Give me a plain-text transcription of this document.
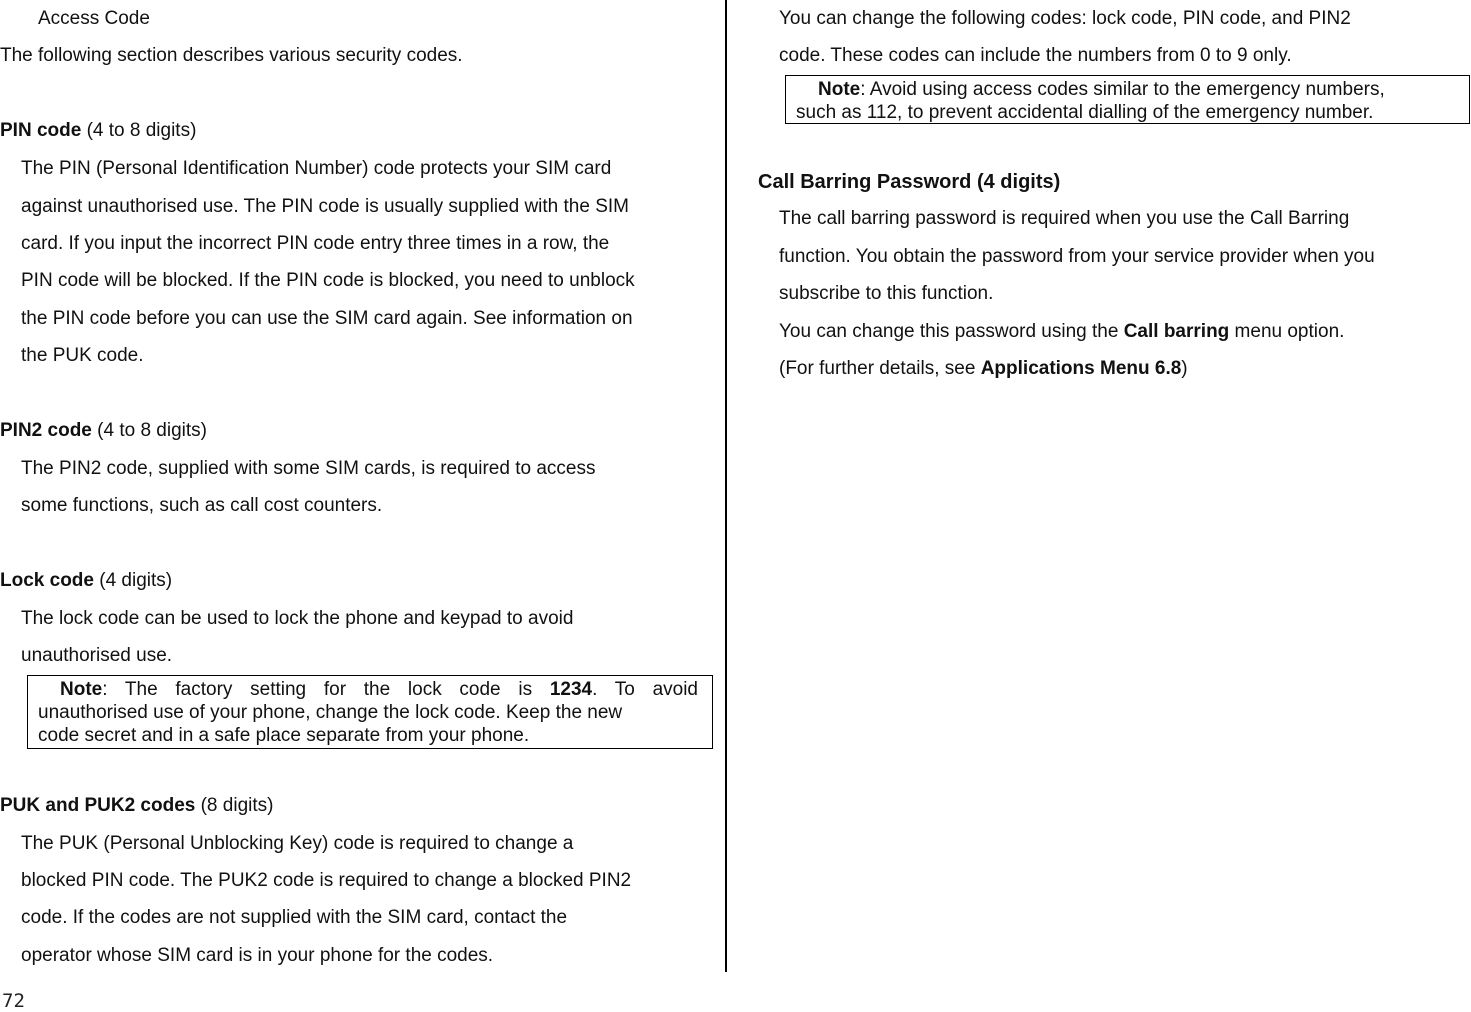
Access Code
The following section describes various security codes.
PIN code (4 to 8 digits)
The PIN (Personal Identification Number) code protects your SIM card
against unauthorised use. The PIN code is usually supplied with the SIM
card. If you input the incorrect PIN code entry three times in a row, the
PIN code will be blocked. If the PIN code is blocked, you need to unblock
the PIN code before you can use the SIM card again. See information on
the PUK code.
PIN2 code (4 to 8 digits)
The PIN2 code, supplied with some SIM cards, is required to access
some functions, such as call cost counters.
Lock code (4 digits)
The lock code can be used to lock the phone and keypad to avoid
unauthorised use.

Note: The factory setting for the lock code is 1234. To avoid

unauthorised use of your phone, change the lock code. Keep the new

code secret and in a safe place separate from your phone.

PUK and PUK2 codes (8 digits)
The PUK (Personal Unblocking Key) code is required to change a
blocked PIN code. The PUK2 code is required to change a blocked PIN2
code. If the codes are not supplied with the SIM card, contact the
operator whose SIM card is in your phone for the codes.
You can change the following codes: lock code, PIN code, and PIN2
code. These codes can include the numbers from 0 to 9 only.

Note: Avoid using access codes similar to the emergency numbers,

such as 112, to prevent accidental dialling of the emergency number.

Call Barring Password (4 digits)
The call barring password is required when you use the Call Barring
function. You obtain the password from your service provider when you
subscribe to this function.
You can change this password using the Call barring menu option.
(For further details, see Applications Menu 6.8)
72
